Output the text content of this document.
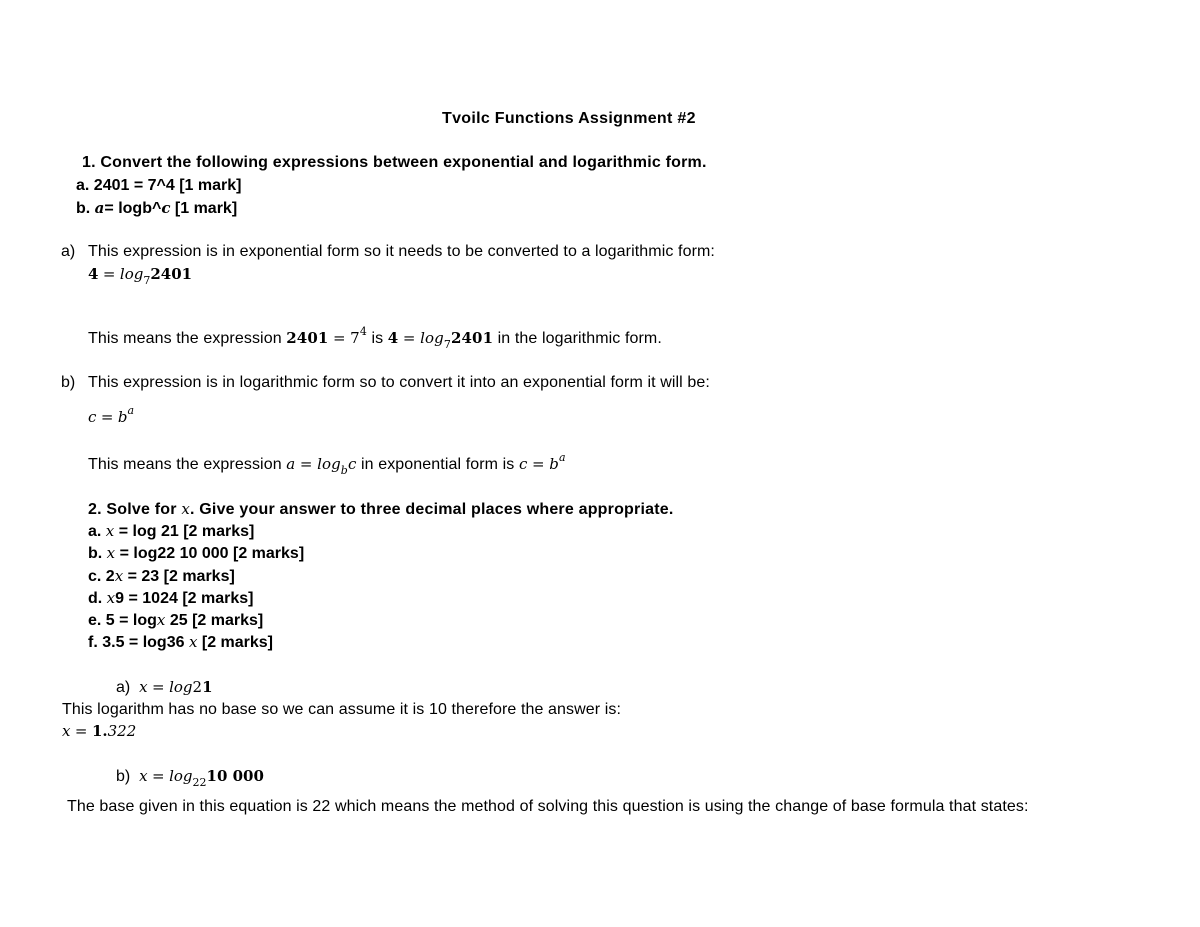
Tvoilc Functions Assignment #2
1. Convert the following expressions between exponential and logarithmic form.
a. 2401 = 7^4 [1 mark]
b. a= logb^c [1 mark]
a) This expression is in exponential form so it needs to be converted to a logarithmic form:
$4 = \log_72401$
This means the expression $2401 = 7^4$ is $4 = \log_72401$ in the logarithmic form.
b) This expression is in logarithmic form so to convert it into an exponential form it will be:
$c = b^a$
This means the expression $a = \log_bc$ in exponential form is $c = b^a$
2. Solve for x. Give your answer to three decimal places where appropriate.
a. x = log 21 [2 marks]
b. x = log22 10 000 [2 marks]
c. 2x = 23 [2 marks]
d. x9 = 1024 [2 marks]
e. 5 = logx 25 [2 marks]
f. 3.5 = log36 x [2 marks]
a) x = log21
This logarithm has no base so we can assume it is 10 therefore the answer is:
x = 1.322
b) $x = \log_{22}10$ 000
The base given in this equation is 22 which means the method of solving this question is using the change of base formula that states:
